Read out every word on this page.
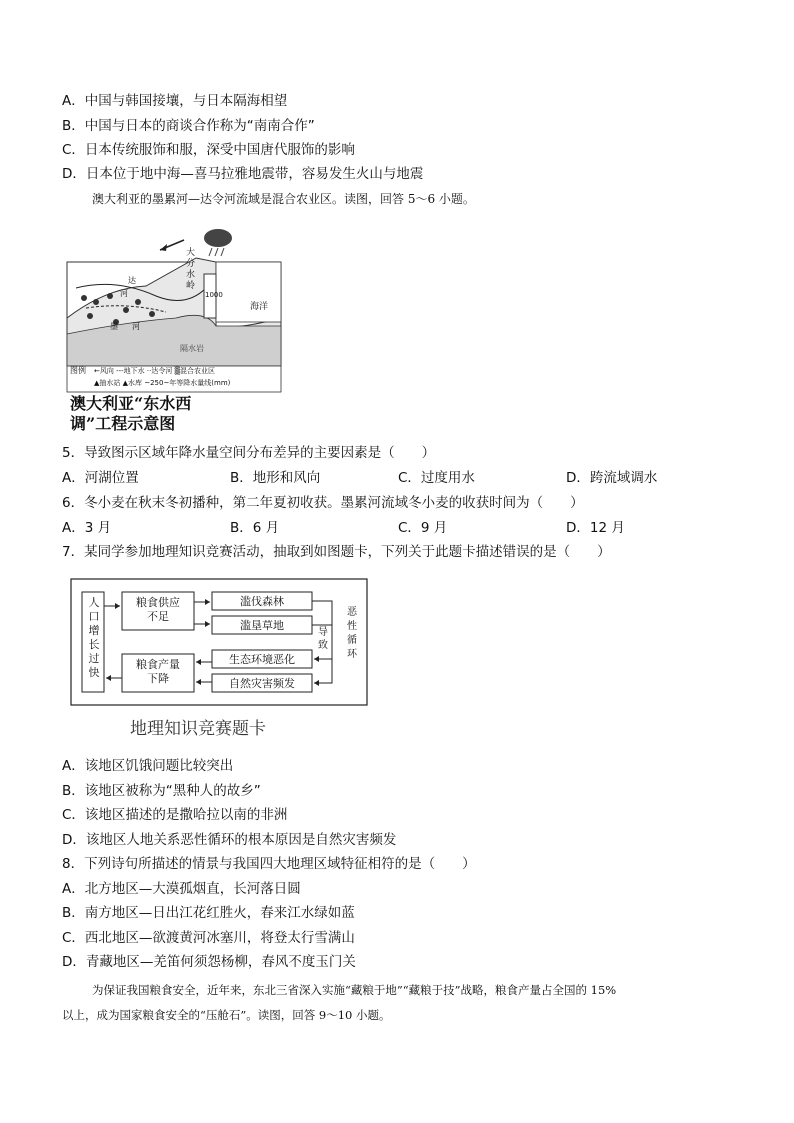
A．中国与韩国接壤，与日本隔海相望
B．中国与日本的商谈合作称为“南南合作”
C．日本传统服饰和服，深受中国唐代服饰的影响
D．日本位于地中海—喜马拉雅地震带，容易发生火山与地震
澳大利亚的墨累河—达令河流域是混合农业区。读图，回答 5～6 小题。
大
分
水
岭
海洋
隔水岩
1000
河
达
墨 河
图例 ←风向 ---地下水 ··达令河 ▒混合农业区
▲抽水站 ▲水库 ~250~年等降水量线(mm)
澳大利亚“东水西
调”工程示意图
5．导致图示区域年降水量空间分布差异的主要因素是（　　）
A．河湖位置	B．地形和风向	C．过度用水	D．跨流域调水
6．冬小麦在秋末冬初播种，第二年夏初收获。墨累河流域冬小麦的收获时间为（　　）
A．3 月	B．6 月	C．9 月	D．12 月
7．某同学参加地理知识竞赛活动，抽取到如图题卡，下列关于此题卡描述错误的是（　　）
人
口
增
长
过
快
粮食供应
不足
粮食产量
下降
滥伐森林
滥垦草地
生态环境恶化
自然灾害频发
导
致
恶
性
循
环
地理知识竞赛题卡
A．该地区饥饿问题比较突出
B．该地区被称为“黑种人的故乡”
C．该地区描述的是撒哈拉以南的非洲
D．该地区人地关系恶性循环的根本原因是自然灾害频发
8．下列诗句所描述的情景与我国四大地理区域特征相符的是（　　）
A．北方地区—大漠孤烟直，长河落日圆
B．南方地区—日出江花红胜火，春来江水绿如蓝
C．西北地区—欲渡黄河冰塞川，将登太行雪满山
D．青藏地区—羌笛何须怨杨柳，春风不度玉门关
为保证我国粮食安全，近年来，东北三省深入实施“藏粮于地”“藏粮于技”战略，粮食产量占全国的 15%
以上，成为国家粮食安全的“压舱石”。读图，回答 9～10 小题。
